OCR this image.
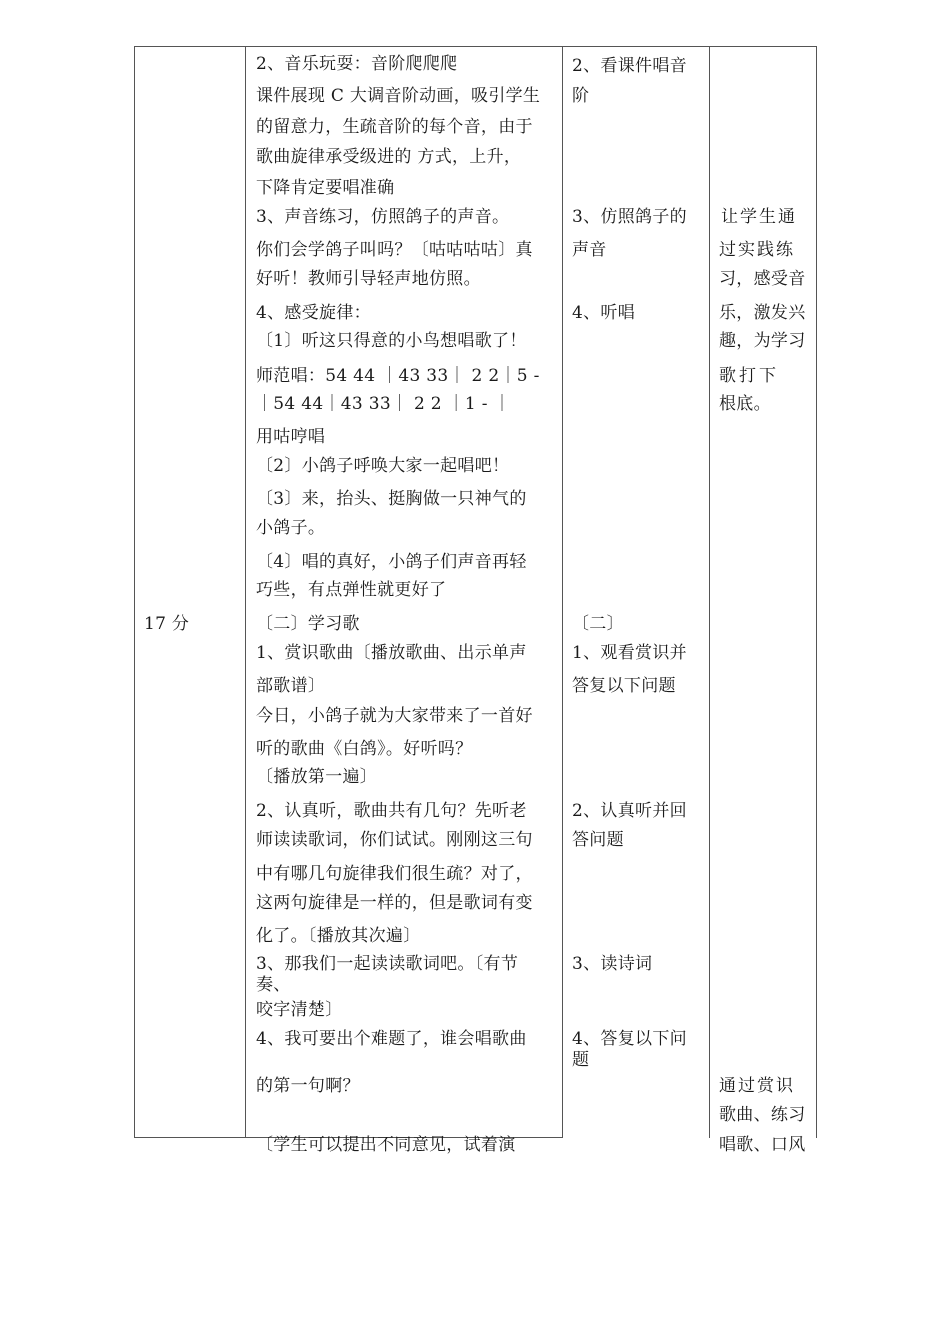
17 分
2、音乐玩耍：音阶爬爬爬
课件展现 C 大调音阶动画，吸引学生
的留意力，生疏音阶的每个音，由于
歌曲旋律承受级进的 方式，上升，
下降肯定要唱准确
3、声音练习，仿照鸽子的声音。
你们会学鸽子叫吗？〔咕咕咕咕〕真
好听！教师引导轻声地仿照。
4、感受旋律：
〔1〕听这只得意的小鸟想唱歌了！
师范唱：54 44 ｜43 33｜ 2 2｜5 -
｜54 44｜43 33｜ 2 2 ｜1 - ｜
用咕哼唱
〔2〕小鸽子呼唤大家一起唱吧！
〔3〕来，抬头、挺胸做一只神气的
小鸽子。
〔4〕唱的真好，小鸽子们声音再轻
巧些，有点弹性就更好了
〔二〕学习歌
1、赏识歌曲〔播放歌曲、出示单声
部歌谱〕
今日，小鸽子就为大家带来了一首好
听的歌曲《白鸽》。好听吗？
〔播放第一遍〕
2、认真听，歌曲共有几句？先听老
师读读歌词，你们试试。刚刚这三句
中有哪几句旋律我们很生疏？对了，
这两句旋律是一样的，但是歌词有变
化了。〔播放其次遍〕
3、那我们一起读读歌词吧。〔有节
奏、
咬字清楚〕
4、我可要出个难题了，谁会唱歌曲
的第一句啊？
〔学生可以提出不同意见，试着演
2、看课件唱音
阶
3、仿照鸽子的
声音
4、听唱
〔二〕
1、观看赏识并
答复以下问题
2、认真听并回
答问题
3、读诗词
4、答复以下问
题
让学生通
过实践练
习，感受音
乐，激发兴
趣，为学习
歌打下
根底。
通过赏识
歌曲、练习
唱歌、口风
